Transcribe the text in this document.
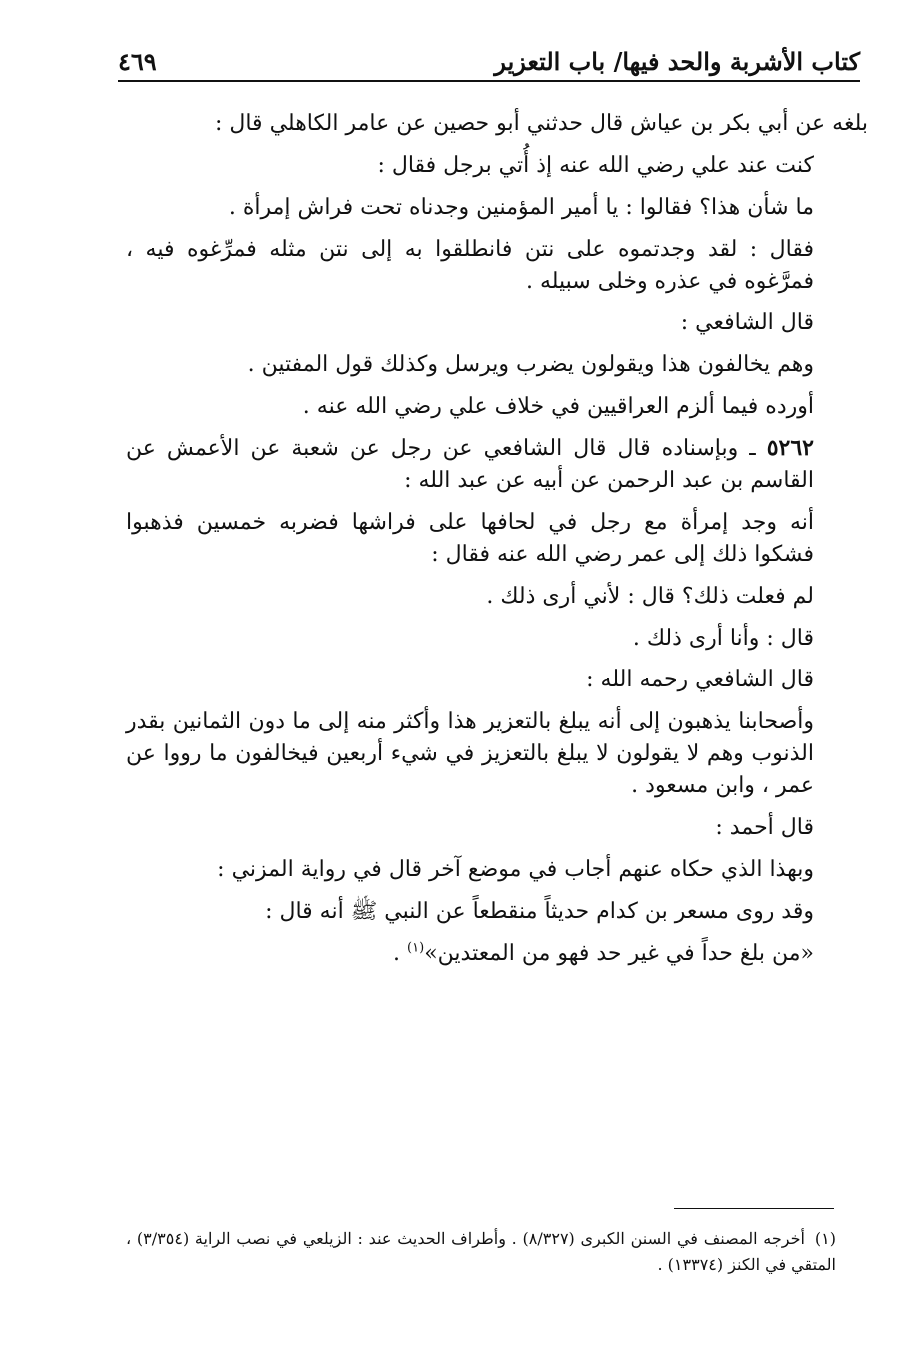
كتاب الأشربة والحد فيها/ باب التعزير
٤٦٩

بلغه عن أبي بكر بن عياش قال حدثني أبو حصين عن عامر الكاهلي قال :

كنت عند علي رضي الله عنه إذ أُتي برجل فقال :

ما شأن هذا؟ فقالوا : يا أمير المؤمنين وجدناه تحت فراش إمرأة .

فقال : لقد وجدتموه على نتن فانطلقوا به إلى نتن مثله فمرِّغوه فيه ، فمرَّغوه في عذره وخلى سبيله .

قال الشافعي :

وهم يخالفون هذا ويقولون يضرب ويرسل وكذلك قول المفتين .

أورده فيما ألزم العراقيين في خلاف علي رضي الله عنه .

٥٢٦٢ ـ وبإسناده قال قال الشافعي عن رجل عن شعبة عن الأعمش عن القاسم بن عبد الرحمن عن أبيه عن عبد الله :

أنه وجد إمرأة مع رجل في لحافها على فراشها فضربه خمسين فذهبوا فشكوا ذلك إلى عمر رضي الله عنه فقال :

لم فعلت ذلك؟ قال : لأني أرى ذلك .

قال : وأنا أرى ذلك .

قال الشافعي رحمه الله :

وأصحابنا يذهبون إلى أنه يبلغ بالتعزير هذا وأكثر منه إلى ما دون الثمانين بقدر الذنوب وهم لا يقولون لا يبلغ بالتعزيز في شيء أربعين فيخالفون ما رووا عن عمر ، وابن مسعود .

قال أحمد :

وبهذا الذي حكاه عنهم أجاب في موضع آخر قال في رواية المزني :

وقد روى مسعر بن كدام حديثاً منقطعاً عن النبي ﷺ أنه قال :

«من بلغ حداً في غير حد فهو من المعتدين»$^{(١)}$ .

(١)أخرجه المصنف في السنن الكبرى (٨/٣٢٧) . وأطراف الحديث عند : الزيلعي في نصب الراية (٣/٣٥٤) ، المتقي في الكنز (١٣٣٧٤) .
